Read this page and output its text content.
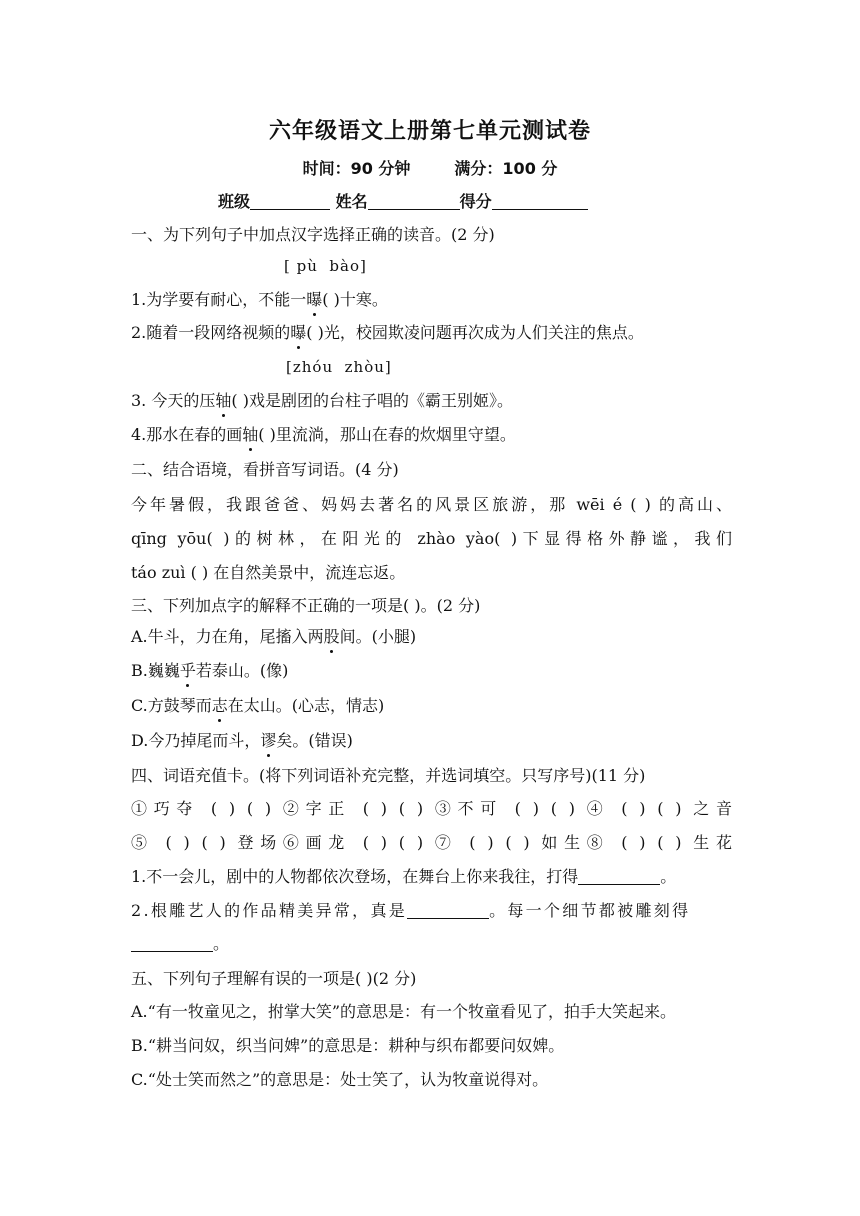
六年级语文上册第七单元测试卷
时间：90 分钟	满分：100 分
班级	姓名	得分
一、为下列句子中加点汉字选择正确的读音。(2 分)
[ pù  bào]
1.为学要有耐心，不能一曝( )十寒。
2.随着一段网络视频的曝( )光，校园欺凌问题再次成为人们关注的焦点。
[zhóu  zhòu]
3. 今天的压轴( )戏是剧团的台柱子唱的《霸王别姬》。
4.那水在春的画轴( )里流淌，那山在春的炊烟里守望。
二、结合语境，看拼音写词语。(4 分)
今年暑假，我跟爸爸、妈妈去著名的风景区旅游，那 wēi é ( ) 的高山、
qīng yōu( )的树林，在阳光的 zhào yào( )下显得格外静谧，我们
táo zuì ( ) 在自然美景中，流连忘返。
三、下列加点字的解释不正确的一项是( )。(2 分)
A.牛斗，力在角，尾搐入两股间。(小腿)
B.巍巍乎若泰山。(像)
C.方鼓琴而志在太山。(心志，情志)
D.今乃掉尾而斗，谬矣。(错误)
四、词语充值卡。(将下列词语补充完整，并选词填空。只写序号)(11 分)
①巧夺 ( ) ( ) ②字正 ( ) ( ) ③不可 ( ) ( ) ④ ( ) ( ) 之音
⑤ ( ) ( ) 登场⑥画龙 ( ) ( ) ⑦ ( ) ( ) 如生⑧ ( ) ( ) 生花
1.不一会儿，剧中的人物都依次登场，在舞台上你来我往，打得	。
2.根雕艺人的作品精美异常，真是	。每一个细节都被雕刻得
。
五、下列句子理解有误的一项是( )(2 分)
A.“有一牧童见之，拊掌大笑”的意思是：有一个牧童看见了，拍手大笑起来。
B.“耕当问奴，织当问婢”的意思是：耕种与织布都要问奴婢。
C.“处士笑而然之”的意思是：处士笑了，认为牧童说得对。
